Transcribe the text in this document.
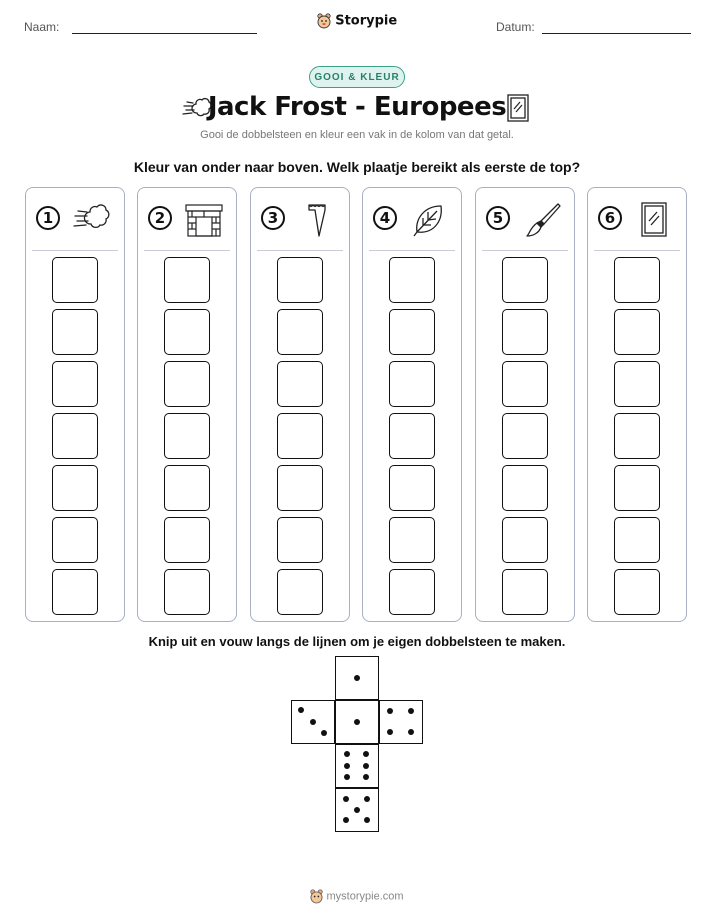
Naam:	Storypie	Datum:
GOOI & KLEUR
Jack Frost - Europees
Gooi de dobbelsteen en kleur een vak in de kolom van dat getal.
Kleur van onder naar boven. Welk plaatje bereikt als eerste de top?
1	2	3	4	5	6
Knip uit en vouw langs de lijnen om je eigen dobbelsteen te maken.
mystorypie.com
